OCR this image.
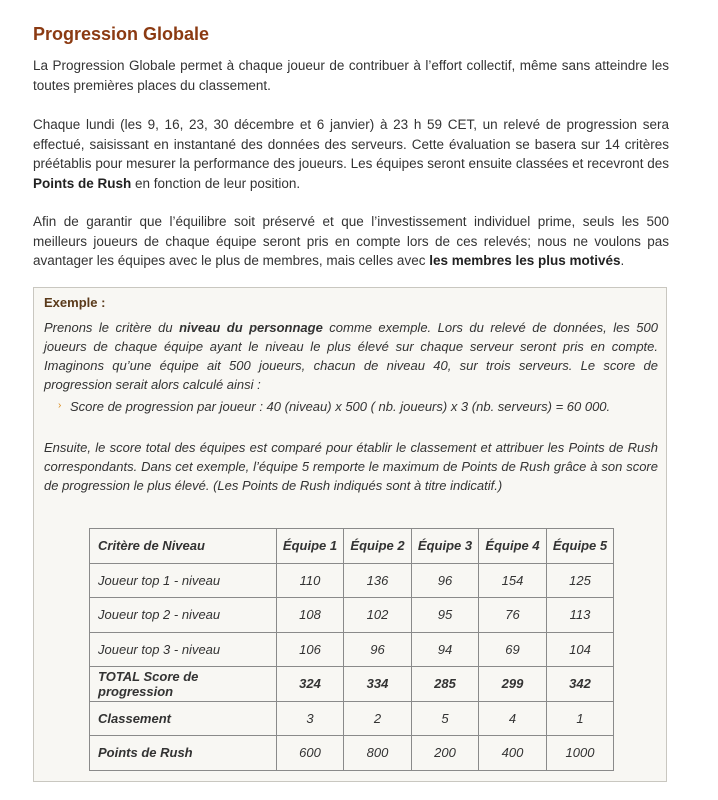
Progression Globale

La Progression Globale permet à chaque joueur de contribuer à l’effort collectif, même sans atteindre les toutes premières places du classement.

Chaque lundi (les 9, 16, 23, 30 décembre et 6 janvier) à 23 h 59 CET, un relevé de progression sera effectué, saisissant en instantané des données des serveurs. Cette évaluation se basera sur 14 critères préétablis pour mesurer la performance des joueurs. Les équipes seront ensuite classées et recevront des Points de Rush en fonction de leur position.

Afin de garantir que l’équilibre soit préservé et que l’investissement individuel prime, seuls les 500 meilleurs joueurs de chaque équipe seront pris en compte lors de ces relevés; nous ne voulons pas avantager les équipes avec le plus de membres, mais celles avec les membres les plus motivés.

Exemple :

Prenons le critère du niveau du personnage comme exemple. Lors du relevé de données, les 500 joueurs de chaque équipe ayant le niveau le plus élevé sur chaque serveur seront pris en compte. Imaginons qu’une équipe ait 500 joueurs, chacun de niveau 40, sur trois serveurs. Le score de progression serait alors calculé ainsi :

› Score de progression par joueur : 40 (niveau) x 500 ( nb. joueurs) x 3 (nb. serveurs) = 60 000.

Ensuite, le score total des équipes est comparé pour établir le classement et attribuer les Points de Rush correspondants. Dans cet exemple, l’équipe 5 remporte le maximum de Points de Rush grâce à son score de progression le plus élevé. (Les Points de Rush indiqués sont à titre indicatif.)

Critère de Niveau	Équipe 1	Équipe 2	Équipe 3	Équipe 4	Équipe 5
Joueur top 1 - niveau	110	136	96	154	125
Joueur top 2 - niveau	108	102	95	76	113
Joueur top 3 - niveau	106	96	94	69	104
TOTAL Score de progression	324	334	285	299	342
Classement	3	2	5	4	1
Points de Rush	600	800	200	400	1000
